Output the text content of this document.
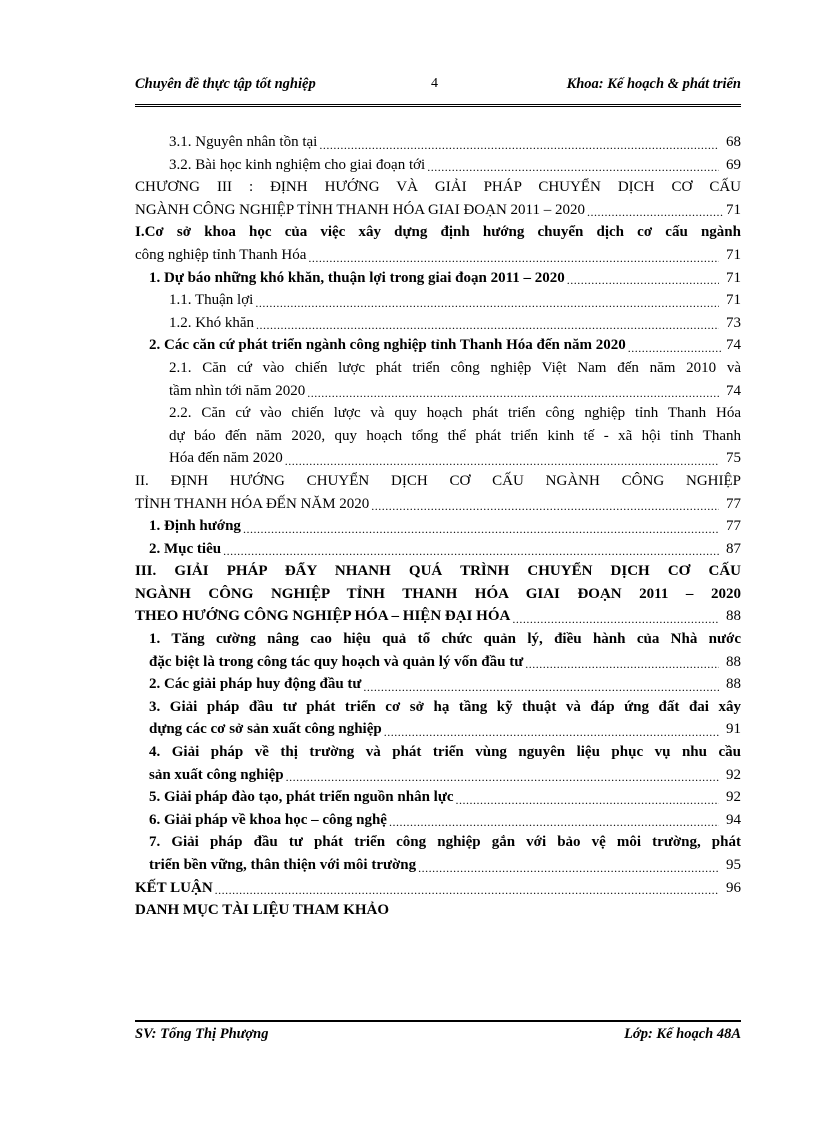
Chuyên đề thực tập tốt nghiệp	4	Khoa: Kế hoạch & phát triển
3.1. Nguyên nhân tồn tại .....	68
3.2. Bài học kinh nghiệm cho giai đoạn tới .....	69
CHƯƠNG III : ĐỊNH HƯỚNG VÀ GIẢI PHÁP CHUYỂN DỊCH CƠ CẤU
NGÀNH CÔNG NGHIỆP TỈNH THANH HÓA GIAI ĐOẠN 2011 – 2020 .....	71
I.Cơ sở khoa học của việc xây dựng định hướng chuyển dịch cơ cấu ngành
công nghiệp tỉnh Thanh Hóa .....	71
1. Dự báo những khó khăn, thuận lợi trong giai đoạn 2011 – 2020 .....	71
1.1. Thuận lợi .....	71
1.2. Khó khăn .....	73
2. Các căn cứ phát triển ngành công nghiệp tỉnh Thanh Hóa đến năm 2020 .....	74
2.1. Căn cứ vào chiến lược phát triển công nghiệp Việt Nam đến năm 2010 và
tầm nhìn tới năm 2020 .....	74
2.2. Căn cứ vào chiến lược và quy hoạch phát triển công nghiệp tỉnh Thanh Hóa
dự báo đến năm 2020, quy hoạch tổng thể phát triển kinh tế - xã hội tỉnh Thanh
Hóa đến năm 2020 .....	75
II. ĐỊNH HƯỚNG CHUYỂN DỊCH CƠ CẤU NGÀNH CÔNG NGHIỆP
TỈNH THANH HÓA ĐẾN NĂM 2020 .....	77
1. Định hướng .....	77
2. Mục tiêu .....	87
III. GIẢI PHÁP ĐẨY NHANH QUÁ TRÌNH CHUYỂN DỊCH CƠ CẤU
NGÀNH CÔNG NGHIỆP TỈNH THANH HÓA GIAI ĐOẠN 2011 – 2020
THEO HƯỚNG CÔNG NGHIỆP HÓA – HIỆN ĐẠI HÓA .....	88
1. Tăng cường nâng cao hiệu quả tổ chức quản lý, điều hành của Nhà nước
đặc biệt là trong công tác quy hoạch và quản lý vốn đầu tư .....	88
2. Các giải pháp huy động đầu tư .....	88
3. Giải pháp đầu tư phát triển cơ sở hạ tầng kỹ thuật và đáp ứng đất đai xây
dựng các cơ sở sản xuất công nghiệp .....	91
4. Giải pháp về thị trường và phát triển vùng nguyên liệu phục vụ nhu cầu
sản xuất công nghiệp .....	92
5. Giải pháp đào tạo, phát triển nguồn nhân lực .....	92
6. Giải pháp về khoa học – công nghệ .....	94
7. Giải pháp đầu tư phát triển công nghiệp gắn với bảo vệ môi trường, phát
triển bền vững, thân thiện với môi trường .....	95
KẾT LUẬN .....	96
DANH MỤC TÀI LIỆU THAM KHẢO
SV: Tống Thị Phượng	Lớp: Kế hoạch 48A
